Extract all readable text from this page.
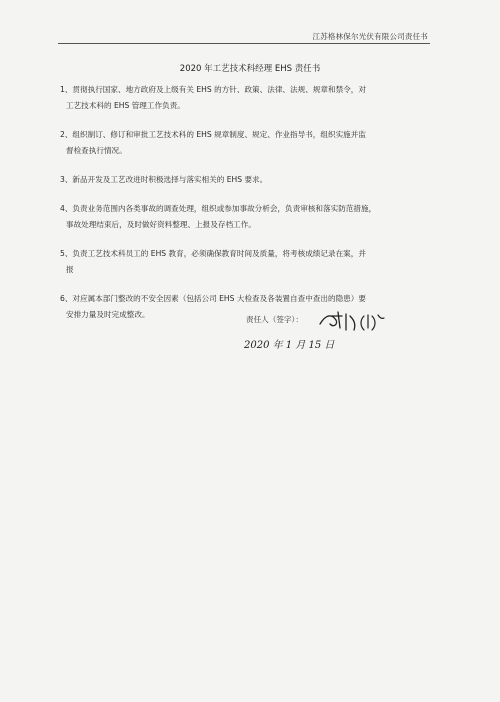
江苏格林保尔光伏有限公司责任书
2020 年工艺技术科经理 EHS 责任书

1、贯彻执行国家、地方政府及上级有关 EHS 的方针、政策、法律、法规、规章和禁令，对
工艺技术科的 EHS 管理工作负责。

2、组织制订、修订和审批工艺技术科的 EHS 规章制度、规定、作业指导书，组织实施并监
督检查执行情况。

3、新品开发及工艺改进时积极选择与落实相关的 EHS 要求。

4、负责业务范围内各类事故的调查处理，组织或参加事故分析会，负责审核和落实防范措施，
事故处理结束后，及时做好资料整理、上报及存档工作。

5、负责工艺技术科员工的 EHS 教育，必须确保教育时间及质量，将考核成绩记录在案，并
报

6、对应属本部门整改的不安全因素（包括公司 EHS 大检查及各装置自查中查出的隐患）要
安排力量及时完成整改。

责任人（签字）：
2020 年 1 月 15 日
